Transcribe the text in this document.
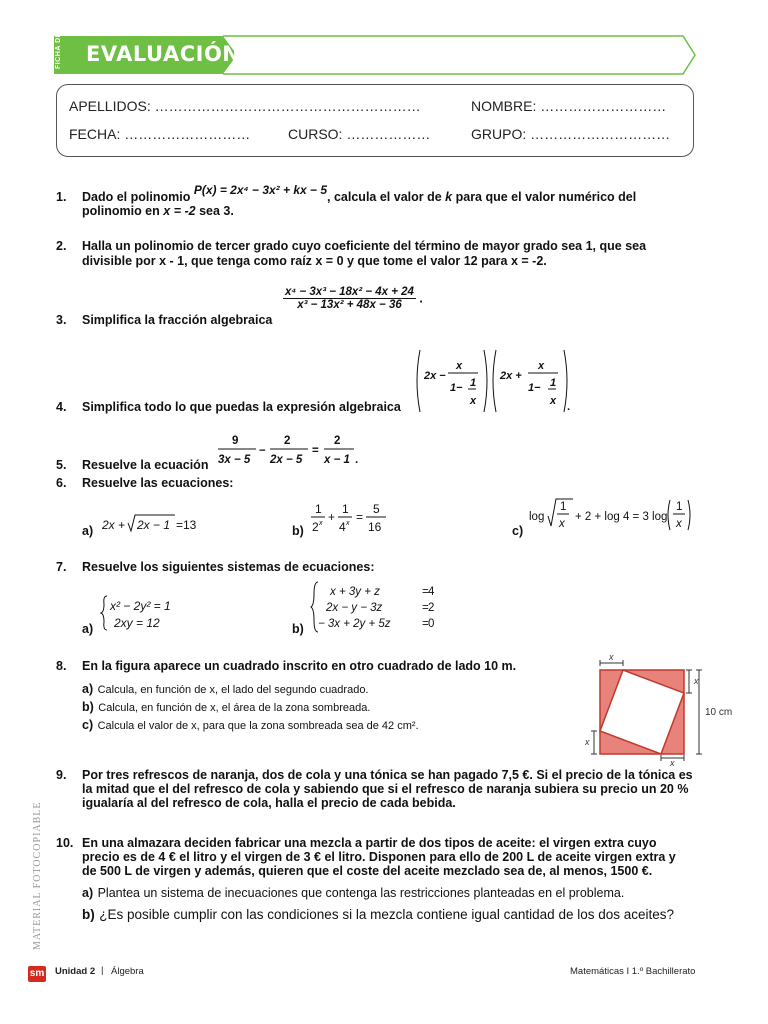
FICHA DE EVALUACIÓN
APELLIDOS: …………………………………………………	NOMBRE: ………………………
FECHA: ………………………	CURSO: ………………	GRUPO: …………………………
1. Dado el polinomio P(x) = 2x⁴ − 3x² + kx − 5, calcula el valor de k para que el valor numérico del
polinomio en x = -2 sea 3.
2. Halla un polinomio de tercer grado cuyo coeficiente del término de mayor grado sea 1, que sea
divisible por x - 1, que tenga como raíz x = 0 y que tome el valor 12 para x = -2.
3. Simplifica la fracción algebraica
$\frac{\text{x⁴ − 3x³ − 18x² − 4x + 24}}{\text{x³ − 13x² + 48x − 36}}$ .
4. Simplifica todo lo que puedas la expresión algebraica
2x −
x
1− 1
x
2x +
x
1− 1
x .
5. Resuelve la ecuación
9
3x − 5
−
2
2x − 5
=
2
x − 1 .
6. Resuelve las ecuaciones:
a) 2x + 2x − 1 =13	b)
1
2 x +
1
4 x =
5
16	c)
log
1
x
+ 2 + log 4 = 3 log
1
x
7. Resuelve los siguientes sistemas de ecuaciones:
a)
x² − 2y² = 1
2xy = 12	b)
x + 3y + z	= 4
2x − y − 3z	= 2
− 3x + 2y + 5z	= 0
8. En la figura aparece un cuadrado inscrito en otro cuadrado de lado 10 m.
a) Calcula, en función de x, el lado del segundo cuadrado.
b) Calcula, en función de x, el área de la zona sombreada.
c) Calcula el valor de x, para que la zona sombreada sea de 42 cm².
x
x
x
x
10 cm
9. Por tres refrescos de naranja, dos de cola y una tónica se han pagado 7,5 €. Si el precio de la tónica es
la mitad que el del refresco de cola y sabiendo que si el refresco de naranja subiera su precio un 20 %
igualaría al del refresco de cola, halla el precio de cada bebida.
10. En una almazara deciden fabricar una mezcla a partir de dos tipos de aceite: el virgen extra cuyo
precio es de 4 € el litro y el virgen de 3 € el litro. Disponen para ello de 200 L de aceite virgen extra y
de 500 L de virgen y además, quieren que el coste del aceite mezclado sea de, al menos, 1500 €.
a) Plantea un sistema de inecuaciones que contenga las restricciones planteadas en el problema.
b) ¿Es posible cumplir con las condiciones si la mezcla contiene igual cantidad de los dos aceites?
MATERIAL FOTOCOPIABLE
sm Unidad 2 | Álgebra	Matemáticas I 1.º Bachillerato
